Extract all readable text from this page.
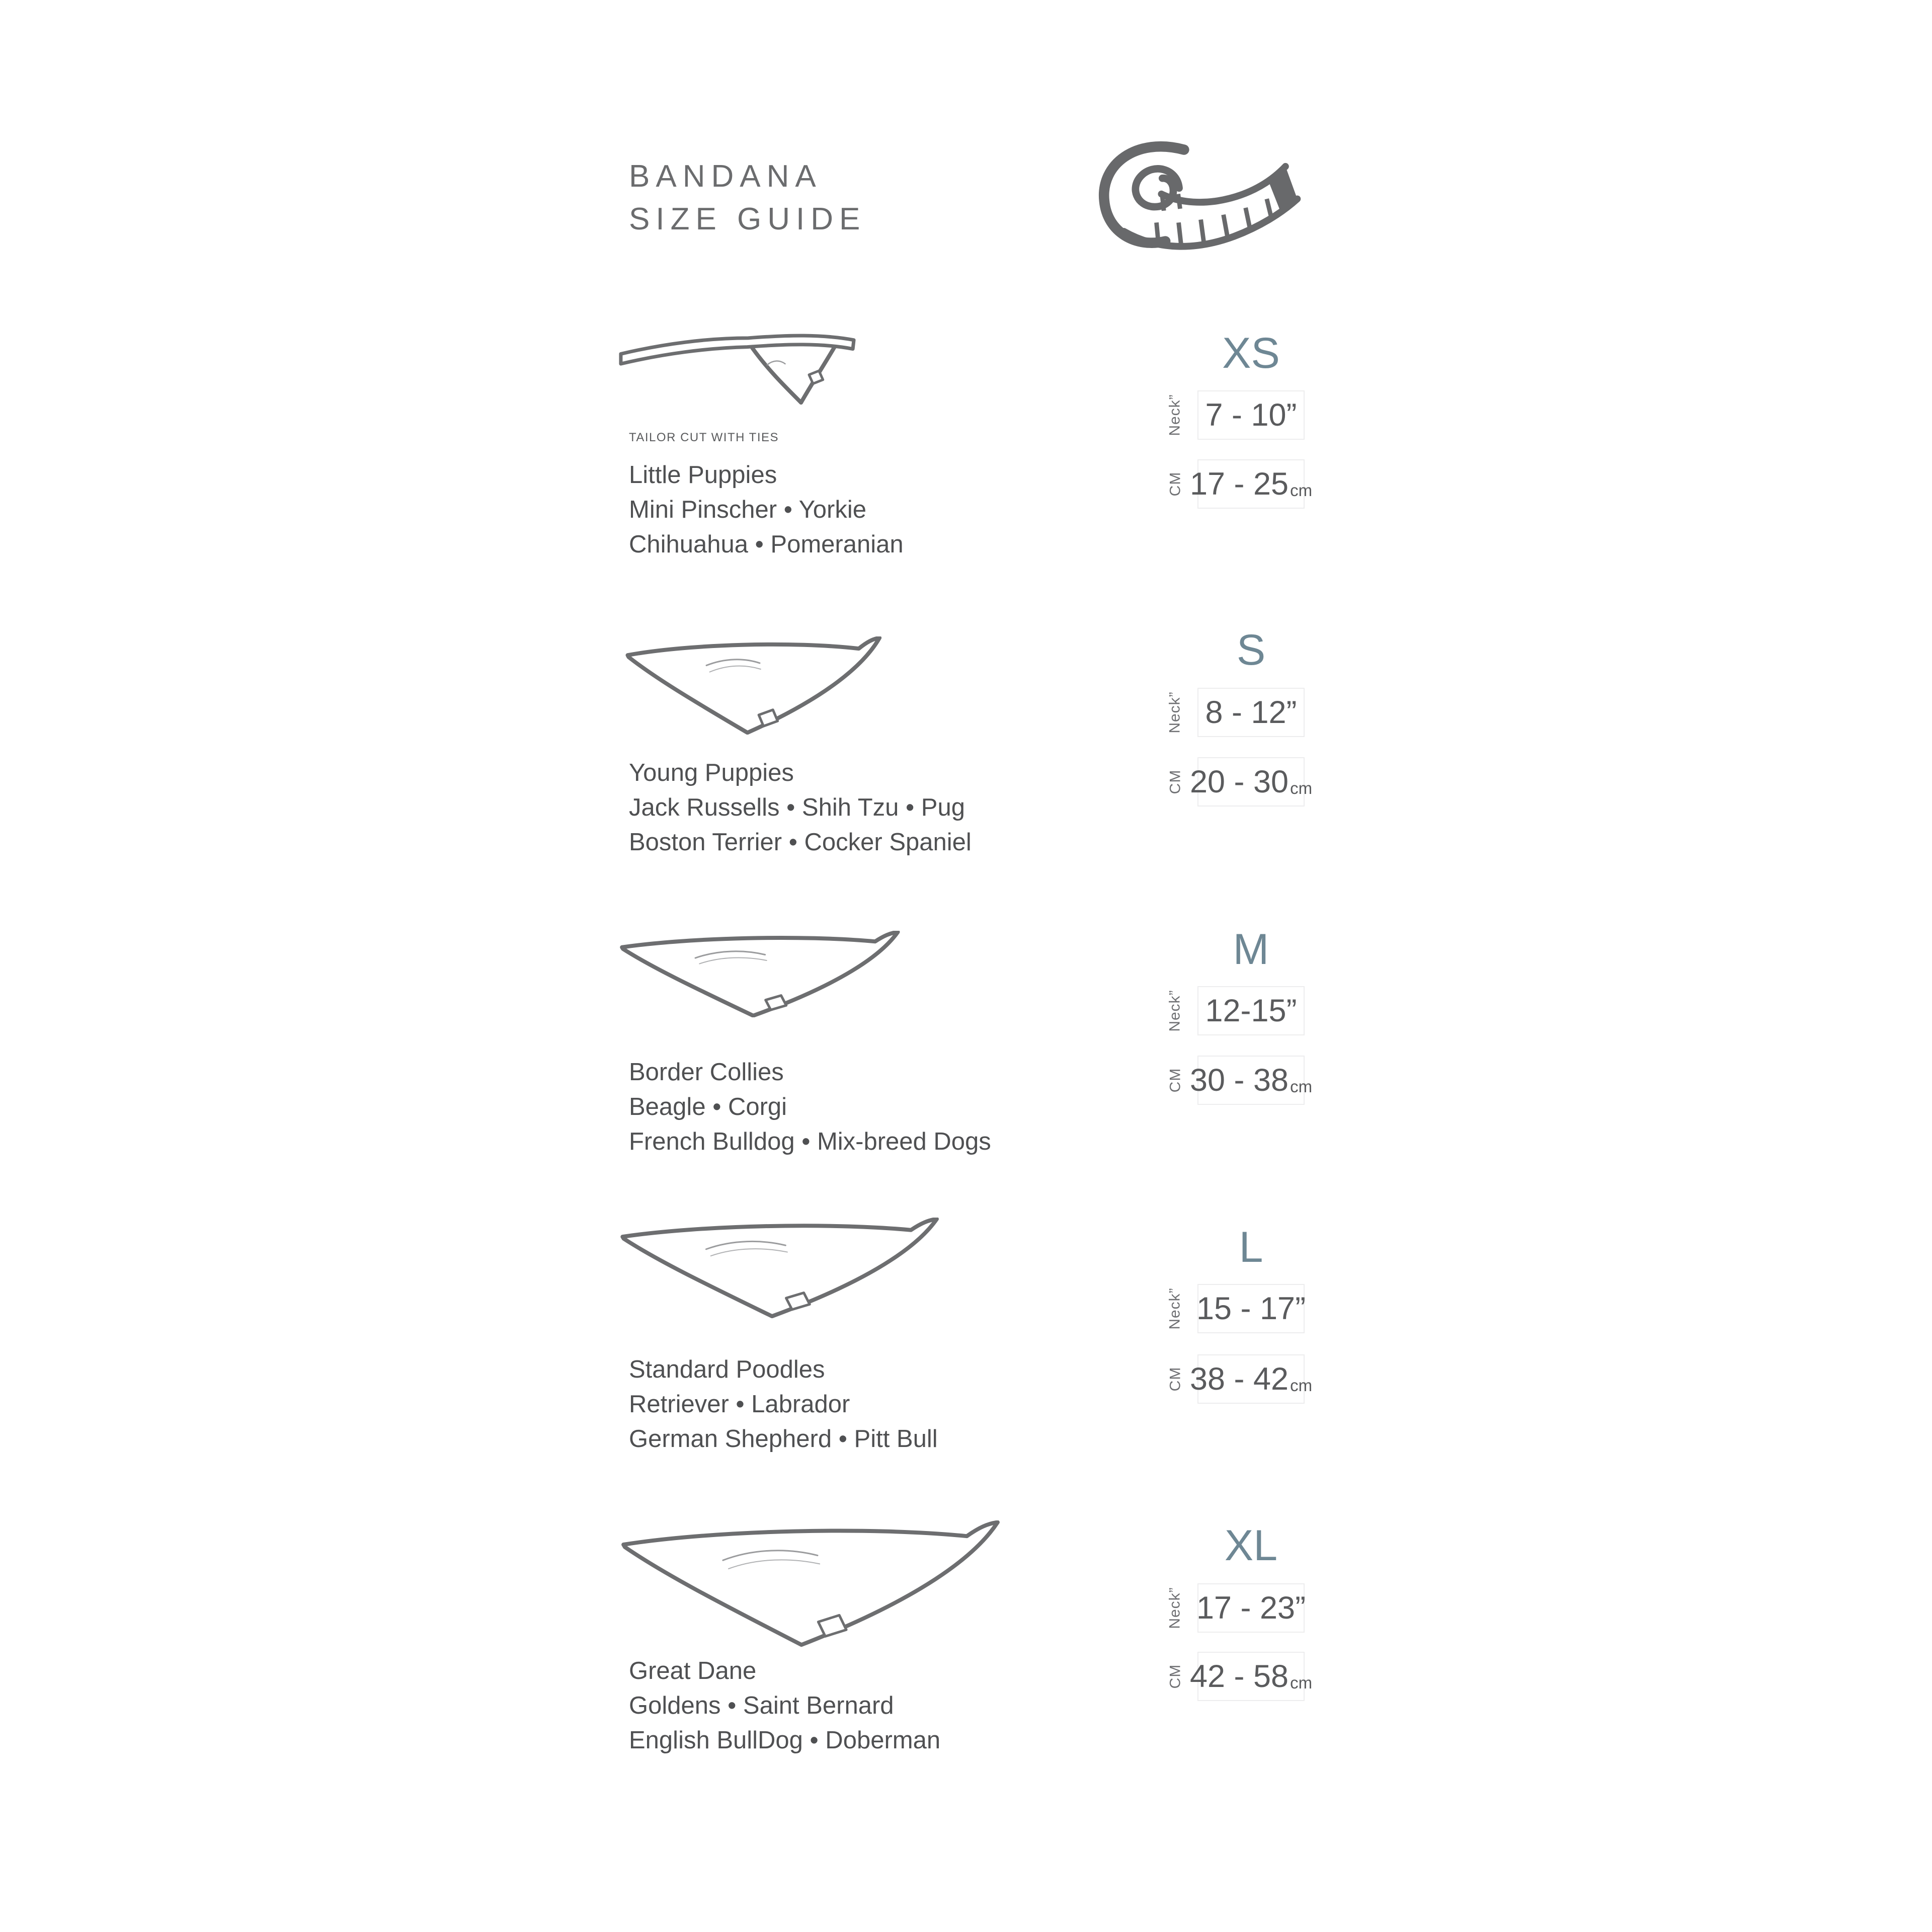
BANDANA
SIZE GUIDE
TAILOR CUT WITH TIES
Little Puppies
Mini Pinscher • Yorkie
Chihuahua • Pomeranian
XS
Neck” 7 - 10”
CM 17 - 25 cm
Young Puppies
Jack Russells • Shih Tzu • Pug
Boston Terrier • Cocker Spaniel
S
Neck” 8 - 12”
CM 20 - 30 cm
Border Collies
Beagle • Corgi
French Bulldog • Mix-breed Dogs
M
Neck” 12-15”
CM 30 - 38 cm
Standard Poodles
Retriever • Labrador
German Shepherd • Pitt Bull
L
Neck” 15 - 17”
CM 38 - 42 cm
Great Dane
Goldens • Saint Bernard
English BullDog • Doberman
XL
Neck” 17 - 23”
CM 42 - 58 cm
